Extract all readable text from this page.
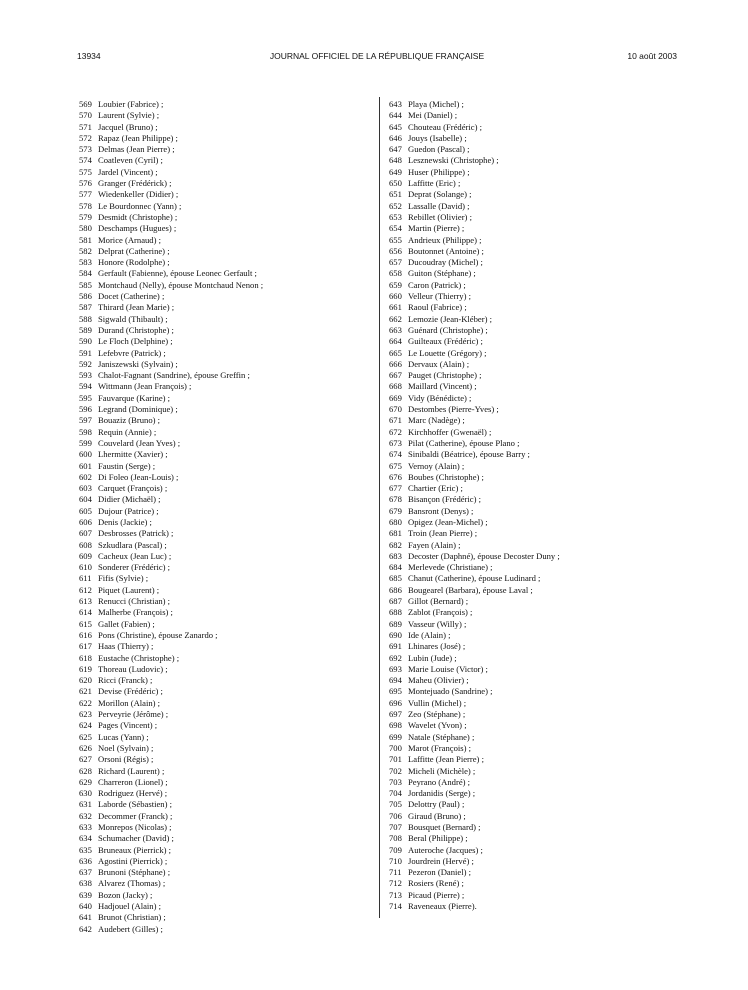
13934	JOURNAL OFFICIEL DE LA RÉPUBLIQUE FRANÇAISE	10 août 2003
569 Loubier (Fabrice) ;
570 Laurent (Sylvie) ;
571 Jacquel (Bruno) ;
572 Rapaz (Jean Philippe) ;
573 Delmas (Jean Pierre) ;
574 Coatleven (Cyril) ;
575 Jardel (Vincent) ;
576 Granger (Frédérick) ;
577 Wiedenkeller (Didier) ;
578 Le Bourdonnec (Yann) ;
579 Desmidt (Christophe) ;
580 Deschamps (Hugues) ;
581 Morice (Arnaud) ;
582 Delprat (Catherine) ;
583 Honore (Rodolphe) ;
584 Gerfault (Fabienne), épouse Leonec Gerfault ;
585 Montchaud (Nelly), épouse Montchaud Nenon ;
586 Docet (Catherine) ;
587 Thirard (Jean Marie) ;
588 Sigwald (Thibault) ;
589 Durand (Christophe) ;
590 Le Floch (Delphine) ;
591 Lefebvre (Patrick) ;
592 Janiszewski (Sylvain) ;
593 Chalot-Fagnant (Sandrine), épouse Greffin ;
594 Wittmann (Jean François) ;
595 Fauvarque (Karine) ;
596 Legrand (Dominique) ;
597 Bouaziz (Bruno) ;
598 Requin (Annie) ;
599 Couvelard (Jean Yves) ;
600 Lhermitte (Xavier) ;
601 Faustin (Serge) ;
602 Di Foleo (Jean-Louis) ;
603 Carquet (François) ;
604 Didier (Michaël) ;
605 Dujour (Patrice) ;
606 Denis (Jackie) ;
607 Desbrosses (Patrick) ;
608 Szkudlara (Pascal) ;
609 Cacheux (Jean Luc) ;
610 Sonderer (Frédéric) ;
611 Fifis (Sylvie) ;
612 Piquet (Laurent) ;
613 Renucci (Christian) ;
614 Malherbe (François) ;
615 Gallet (Fabien) ;
616 Pons (Christine), épouse Zanardo ;
617 Haas (Thierry) ;
618 Eustache (Christophe) ;
619 Thoreau (Ludovic) ;
620 Ricci (Franck) ;
621 Devise (Frédéric) ;
622 Morillon (Alain) ;
623 Perveyrie (Jérôme) ;
624 Pages (Vincent) ;
625 Lucas (Yann) ;
626 Noel (Sylvain) ;
627 Orsoni (Régis) ;
628 Richard (Laurent) ;
629 Charreron (Lionel) ;
630 Rodriguez (Hervé) ;
631 Laborde (Sébastien) ;
632 Decommer (Franck) ;
633 Monrepos (Nicolas) ;
634 Schumacher (David) ;
635 Bruneaux (Pierrick) ;
636 Agostini (Pierrick) ;
637 Brunoni (Stéphane) ;
638 Alvarez (Thomas) ;
639 Bozon (Jacky) ;
640 Hadjouel (Alain) ;
641 Brunot (Christian) ;
642 Audebert (Gilles) ;
643 Playa (Michel) ;
644 Mei (Daniel) ;
645 Chouteau (Frédéric) ;
646 Jouys (Isabelle) ;
647 Guedon (Pascal) ;
648 Lesznewski (Christophe) ;
649 Huser (Philippe) ;
650 Laffitte (Eric) ;
651 Deprat (Solange) ;
652 Lassalle (David) ;
653 Rebillet (Olivier) ;
654 Martin (Pierre) ;
655 Andrieux (Philippe) ;
656 Boutonnet (Antoine) ;
657 Ducoudray (Michel) ;
658 Guiton (Stéphane) ;
659 Caron (Patrick) ;
660 Velleur (Thierry) ;
661 Raoul (Fabrice) ;
662 Lemozie (Jean-Kléber) ;
663 Guénard (Christophe) ;
664 Guilteaux (Frédéric) ;
665 Le Louette (Grégory) ;
666 Dervaux (Alain) ;
667 Pauget (Christophe) ;
668 Maillard (Vincent) ;
669 Vidy (Bénédicte) ;
670 Destombes (Pierre-Yves) ;
671 Marc (Nadège) ;
672 Kirchhoffer (Gwenaël) ;
673 Pilat (Catherine), épouse Plano ;
674 Sinibaldi (Béatrice), épouse Barry ;
675 Vernoy (Alain) ;
676 Boubes (Christophe) ;
677 Chartier (Eric) ;
678 Bisançon (Frédéric) ;
679 Bansront (Denys) ;
680 Opigez (Jean-Michel) ;
681 Troin (Jean Pierre) ;
682 Fayen (Alain) ;
683 Decoster (Daphné), épouse Decoster Duny ;
684 Merlevede (Christiane) ;
685 Chanut (Catherine), épouse Ludinard ;
686 Bougearel (Barbara), épouse Laval ;
687 Gillot (Bernard) ;
688 Zablot (François) ;
689 Vasseur (Willy) ;
690 Ide (Alain) ;
691 Lhinares (José) ;
692 Lubin (Jude) ;
693 Marie Louise (Victor) ;
694 Maheu (Olivier) ;
695 Montejuado (Sandrine) ;
696 Vullin (Michel) ;
697 Zeo (Stéphane) ;
698 Wavelet (Yvon) ;
699 Natale (Stéphane) ;
700 Marot (François) ;
701 Laffitte (Jean Pierre) ;
702 Micheli (Michèle) ;
703 Peyrano (André) ;
704 Jordanidis (Serge) ;
705 Delottry (Paul) ;
706 Giraud (Bruno) ;
707 Bousquet (Bernard) ;
708 Beral (Philippe) ;
709 Auteroche (Jacques) ;
710 Jourdrein (Hervé) ;
711 Pezeron (Daniel) ;
712 Rosiers (René) ;
713 Picaud (Pierre) ;
714 Raveneaux (Pierre).
